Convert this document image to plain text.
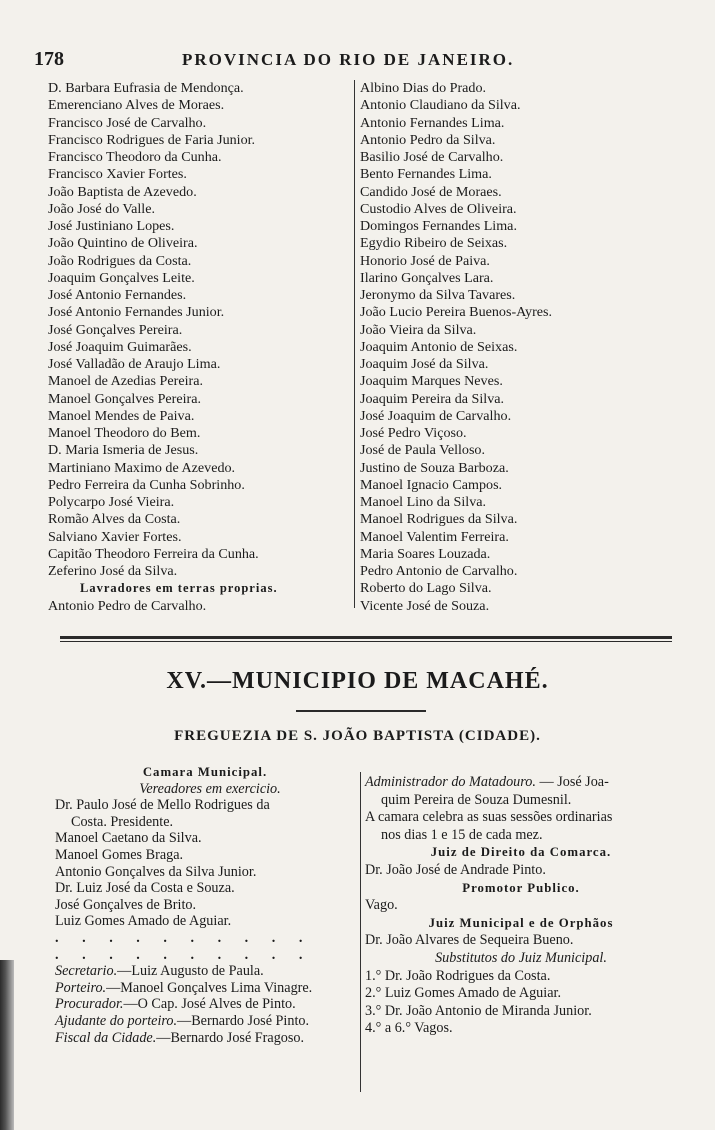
178	PROVINCIA DO RIO DE JANEIRO.
D. Barbara Eufrasia de Mendonça.
Emerenciano Alves de Moraes.
Francisco José de Carvalho.
Francisco Rodrigues de Faria Junior.
Francisco Theodoro da Cunha.
Francisco Xavier Fortes.
João Baptista de Azevedo.
João José do Valle.
José Justiniano Lopes.
João Quintino de Oliveira.
João Rodrigues da Costa.
Joaquim Gonçalves Leite.
José Antonio Fernandes.
José Antonio Fernandes Junior.
José Gonçalves Pereira.
José Joaquim Guimarães.
José Valladão de Araujo Lima.
Manoel de Azedias Pereira.
Manoel Gonçalves Pereira.
Manoel Mendes de Paiva.
Manoel Theodoro do Bem.
D. Maria Ismeria de Jesus.
Martiniano Maximo de Azevedo.
Pedro Ferreira da Cunha Sobrinho.
Polycarpo José Vieira.
Romão Alves da Costa.
Salviano Xavier Fortes.
Capitão Theodoro Ferreira da Cunha.
Zeferino José da Silva.
Lavradores em terras proprias.
Antonio Pedro de Carvalho.
Albino Dias do Prado.
Antonio Claudiano da Silva.
Antonio Fernandes Lima.
Antonio Pedro da Silva.
Basilio José de Carvalho.
Bento Fernandes Lima.
Candido José de Moraes.
Custodio Alves de Oliveira.
Domingos Fernandes Lima.
Egydio Ribeiro de Seixas.
Honorio José de Paiva.
Ilarino Gonçalves Lara.
Jeronymo da Silva Tavares.
João Lucio Pereira Buenos-Ayres.
João Vieira da Silva.
Joaquim Antonio de Seixas.
Joaquim José da Silva.
Joaquim Marques Neves.
Joaquim Pereira da Silva.
José Joaquim de Carvalho.
José Pedro Viçoso.
José de Paula Velloso.
Justino de Souza Barboza.
Manoel Ignacio Campos.
Manoel Lino da Silva.
Manoel Rodrigues da Silva.
Manoel Valentim Ferreira.
Maria Soares Louzada.
Pedro Antonio de Carvalho.
Roberto do Lago Silva.
Vicente José de Souza.
XV.—MUNICIPIO DE MACAHÉ.
FREGUEZIA DE S. JOÃO BAPTISTA (CIDADE).
Camara Municipal.
Vereadores em exercicio.
Dr. Paulo José de Mello Rodrigues da
Costa. Presidente.
Manoel Caetano da Silva.
Manoel Gomes Braga.
Antonio Gonçalves da Silva Junior.
Dr. Luiz José da Costa e Souza.
José Gonçalves de Brito.
Luiz Gomes Amado de Aguiar.
. . . . . . . . . .
. . . . . . . . . .
Secretario.—Luiz Augusto de Paula.
Porteiro.—Manoel Gonçalves Lima Vinagre.
Procurador.—O Cap. José Alves de Pinto.
Ajudante do porteiro.—Bernardo José Pinto.
Fiscal da Cidade.—Bernardo José Fragoso.
Administrador do Matadouro. — José Joa-
quim Pereira de Souza Dumesnil.
A camara celebra as suas sessões ordinarias
nos dias 1 e 15 de cada mez.
Juiz de Direito da Comarca.
Dr. João José de Andrade Pinto.
Promotor Publico.
Vago.
Juiz Municipal e de Orphãos
Dr. João Alvares de Sequeira Bueno.
Substitutos do Juiz Municipal.
1.° Dr. João Rodrigues da Costa.
2.° Luiz Gomes Amado de Aguiar.
3.° Dr. João Antonio de Miranda Junior.
4.° a 6.° Vagos.
